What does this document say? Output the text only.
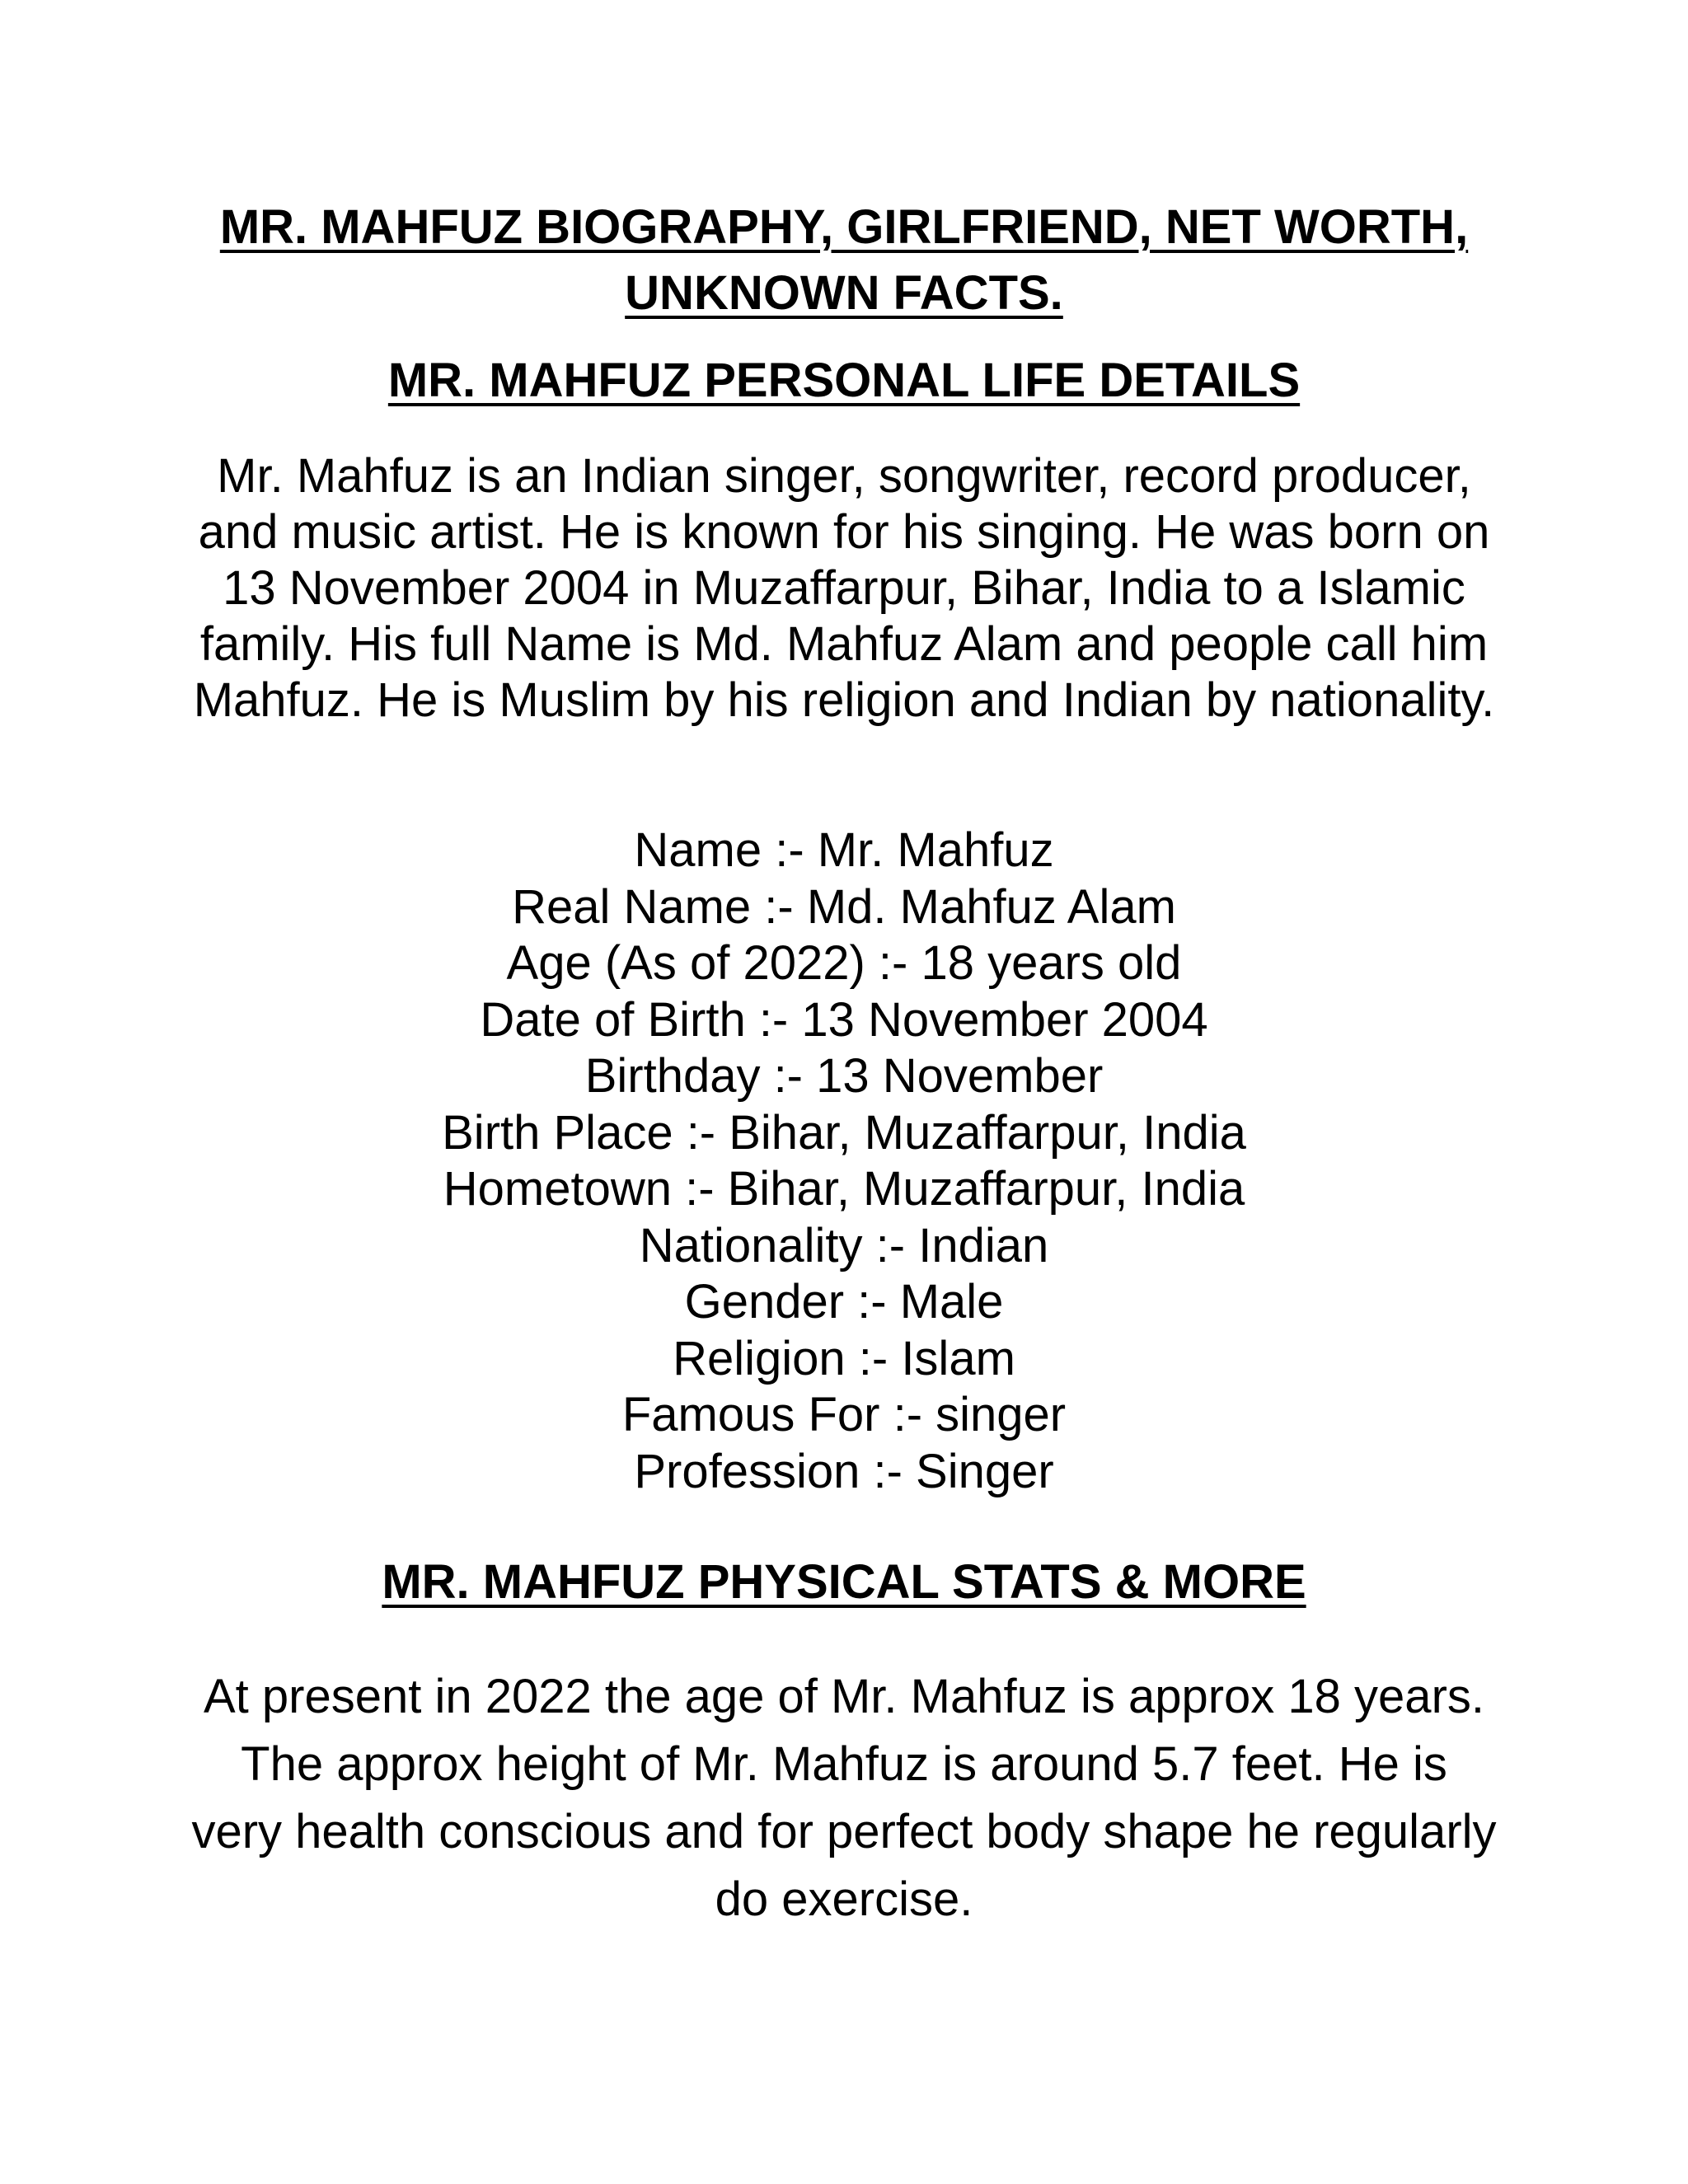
MR. MAHFUZ BIOGRAPHY, GIRLFRIEND, NET WORTH, UNKNOWN FACTS.
MR. MAHFUZ PERSONAL LIFE DETAILS

Mr. Mahfuz is an Indian singer, songwriter, record producer, and music artist. He is known for his singing. He was born on 13 November 2004 in Muzaffarpur, Bihar, India to a Islamic family. His full Name is Md. Mahfuz Alam and people call him Mahfuz. He is Muslim by his religion and Indian by nationality.

Name :- Mr. Mahfuz
Real Name :- Md. Mahfuz Alam
Age (As of 2022) :- 18 years old
Date of Birth :- 13 November 2004
Birthday :- 13 November
Birth Place :- Bihar, Muzaffarpur, India
Hometown :- Bihar, Muzaffarpur, India
Nationality :- Indian
Gender :- Male
Religion :- Islam
Famous For :- singer
Profession :- Singer
MR. MAHFUZ PHYSICAL STATS & MORE

At present in 2022 the age of Mr. Mahfuz is approx 18 years. The approx height of Mr. Mahfuz is around 5.7 feet. He is very health conscious and for perfect body shape he regularly do exercise.
